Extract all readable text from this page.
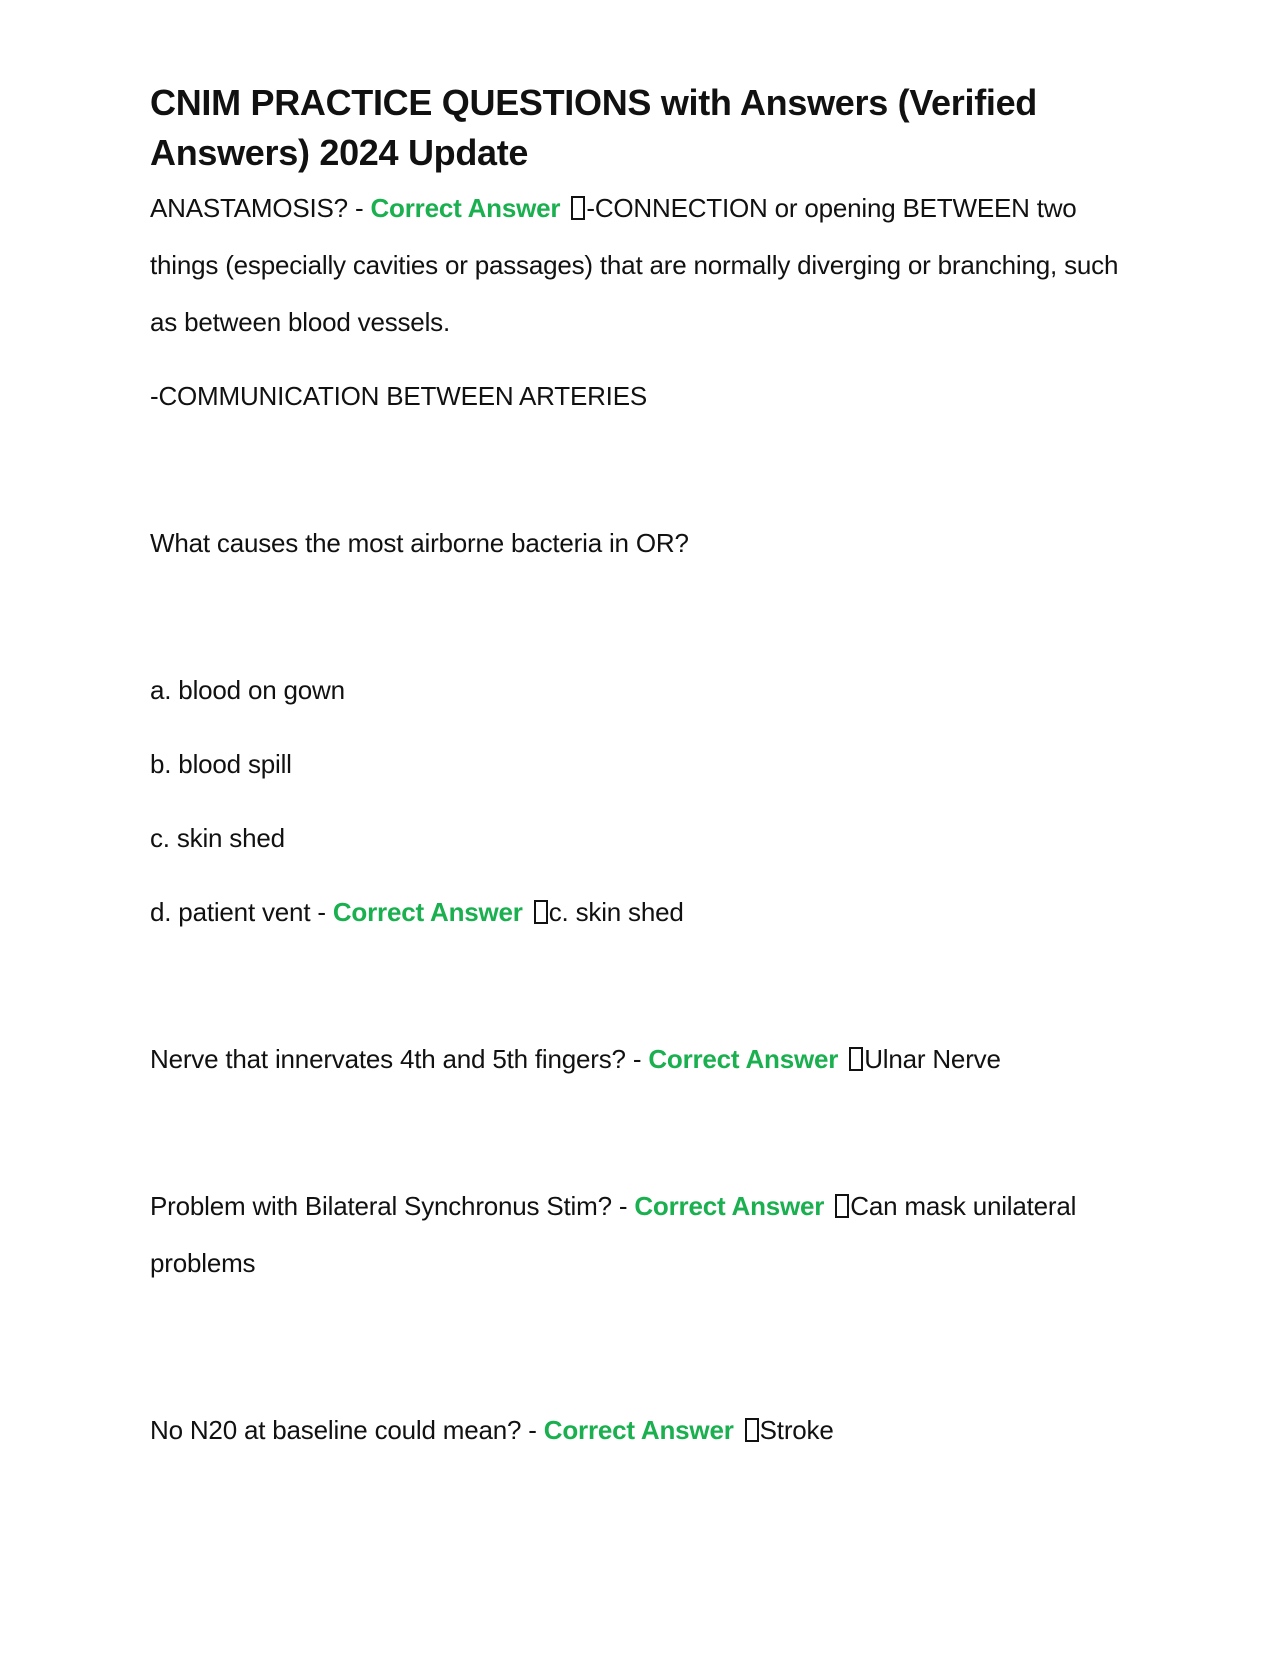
CNIM PRACTICE QUESTIONS with Answers (Verified Answers) 2024 Update

ANASTAMOSIS? - Correct Answer -CONNECTION or opening BETWEEN two things (especially cavities or passages) that are normally diverging or branching, such as between blood vessels.

-COMMUNICATION BETWEEN ARTERIES

What causes the most airborne bacteria in OR?

a. blood on gown

b. blood spill

c. skin shed

d. patient vent - Correct Answer c. skin shed

Nerve that innervates 4th and 5th fingers? - Correct Answer Ulnar Nerve

Problem with Bilateral Synchronus Stim? - Correct Answer Can mask unilateral problems

No N20 at baseline could mean? - Correct Answer Stroke
